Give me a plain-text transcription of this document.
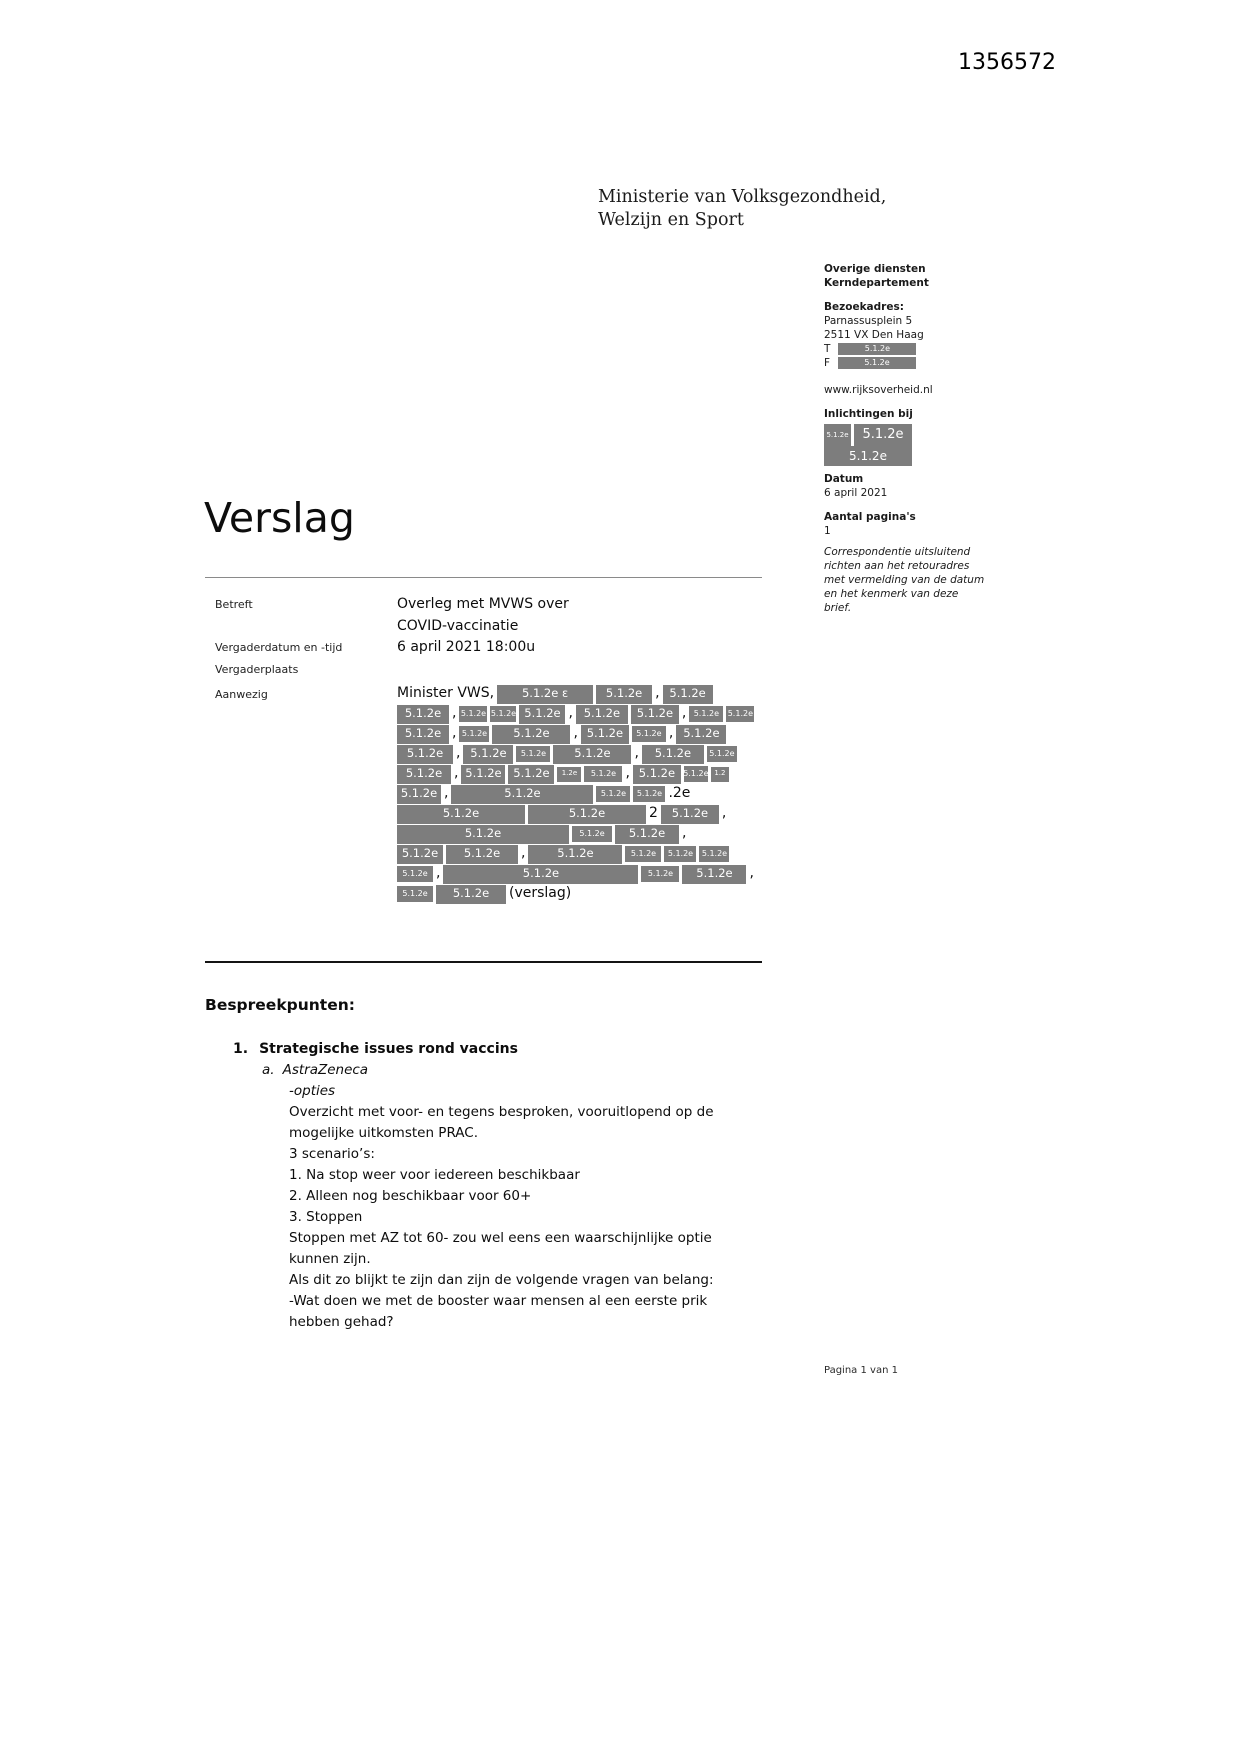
1356572
Ministerie van Volksgezondheid,
Welzijn en Sport
Overige diensten
Kerndepartement
Bezoekadres:
Parnassusplein 5
2511 VX Den Haag
T	5.1.2e
F	5.1.2e
www.rijksoverheid.nl
Inlichtingen bij
5.1.2e	5.1.2e
5.1.2e
Datum
6 april 2021
Aantal pagina's
1
Correspondentie uitsluitend richten aan het retouradres met vermelding van de datum en het kenmerk van deze brief.
Verslag
Betreft	Overleg met MVWS over
COVID-vaccinatie
Vergaderdatum en -tijd	6 april 2021 18:00u
Vergaderplaats
Aanwezig	Minister VWS,	5.1.2e ε	5.1.2e , 5.1.2e
5.1.2e , 5.1.2e 5.1.2e 5.1.2e , 5.1.2e	5.1.2e , 5.1.2e	5.1.2e
5.1.2e , 5.1.2e	5.1.2e	, 5.1.2e	5.1.2e , 5.1.2e
5.1.2e , 5.1.2e	5.1.2e	5.1.2e	,	5.1.2e	5.1.2e
5.1.2e , 5.1.2e	5.1.2e	1.2e	5.1.2e , 5.1.2e	5.1.2e 1.2
5.1.2e ,	5.1.2e	5.1.2e	5.1.2e .2e
5.1.2e	5.1.2e	2	5.1.2e ,
5.1.2e	5.1.2e	5.1.2e	,
5.1.2e	5.1.2e	,	5.1.2e	5.1.2e	5.1.2e	5.1.2e
5.1.2e ,	5.1.2e	5.1.2e	5.1.2e	,
5.1.2e	5.1.2e	(verslag)
Bespreekpunten:
1. Strategische issues rond vaccins
a. AstraZeneca
-opties
Overzicht met voor- en tegens besproken, vooruitlopend op de
mogelijke uitkomsten PRAC.
3 scenario’s:
1. Na stop weer voor iedereen beschikbaar
2. Alleen nog beschikbaar voor 60+
3. Stoppen
Stoppen met AZ tot 60- zou wel eens een waarschijnlijke optie
kunnen zijn.
Als dit zo blijkt te zijn dan zijn de volgende vragen van belang:
-Wat doen we met de booster waar mensen al een eerste prik
hebben gehad?
Pagina 1 van 1
